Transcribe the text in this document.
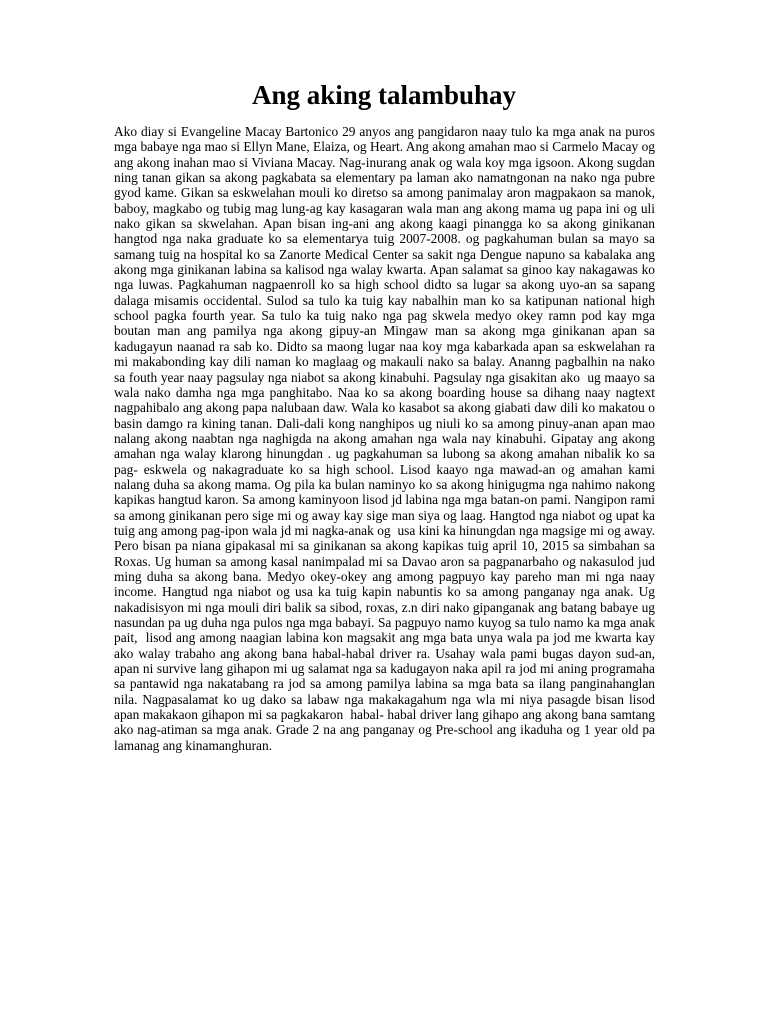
Ang aking talambuhay

Ako diay si Evangeline Macay Bartonico 29 anyos ang pangidaron naay tulo ka mga anak na puros mga babaye nga mao si Ellyn Mane, Elaiza, og Heart. Ang akong amahan mao si Carmelo Macay og ang akong inahan mao si Viviana Macay. Nag-inurang anak og wala koy mga igsoon. Akong sugdan ning tanan gikan sa akong pagkabata sa elementary pa laman ako namatngonan na nako nga pubre gyod kame. Gikan sa eskwelahan mouli ko diretso sa among panimalay aron magpakaon sa manok, baboy, magkabo og tubig mag lung-ag kay kasagaran wala man ang akong mama ug papa ini og uli nako gikan sa skwelahan. Apan bisan ing-ani ang akong kaagi pinangga ko sa akong ginikanan hangtod nga naka graduate ko sa elementarya tuig 2007-2008. og pagkahuman bulan sa mayo sa samang tuig na hospital ko sa Zanorte Medical Center sa sakit nga Dengue napuno sa kabalaka ang akong mga ginikanan labina sa kalisod nga walay kwarta. Apan salamat sa ginoo kay nakagawas ko nga luwas. Pagkahuman nagpaenroll ko sa high school didto sa lugar sa akong uyo-an sa sapang dalaga misamis occidental. Sulod sa tulo ka tuig kay nabalhin man ko sa katipunan national high school pagka fourth year. Sa tulo ka tuig nako nga pag skwela medyo okey ramn pod kay mga boutan man ang pamilya nga akong gipuy-an Mingaw man sa akong mga ginikanan apan sa kadugayun naanad ra sab ko. Didto sa maong lugar naa koy mga kabarkada apan sa eskwelahan ra mi makabonding kay dili naman ko maglaag og makauli nako sa balay. Ananng pagbalhin na nako sa fouth year naay pagsulay nga niabot sa akong kinabuhi. Pagsulay nga gisakitan ako  ug maayo sa wala nako damha nga mga panghitabo. Naa ko sa akong boarding house sa dihang naay nagtext nagpahibalo ang akong papa nalubaan daw. Wala ko kasabot sa akong giabati daw dili ko makatou o basin damgo ra kining tanan. Dali-dali kong nanghipos ug niuli ko sa among pinuy-anan apan mao nalang akong naabtan nga naghigda na akong amahan nga wala nay kinabuhi. Gipatay ang akong amahan nga walay klarong hinungdan . ug pagkahuman sa lubong sa akong amahan nibalik ko sa pag- eskwela og nakagraduate ko sa high school. Lisod kaayo nga mawad-an og amahan kami nalang duha sa akong mama. Og pila ka bulan naminyo ko sa akong hinigugma nga nahimo nakong kapikas hangtud karon. Sa among kaminyoon lisod jd labina nga mga batan-on pami. Nangipon rami sa among ginikanan pero sige mi og away kay sige man siya og laag. Hangtod nga niabot og upat ka tuig ang among pag-ipon wala jd mi nagka-anak og  usa kini ka hinungdan nga magsige mi og away. Pero bisan pa niana gipakasal mi sa ginikanan sa akong kapikas tuig april 10, 2015 sa simbahan sa Roxas. Ug human sa among kasal nanimpalad mi sa Davao aron sa pagpanarbaho og nakasulod jud ming duha sa akong bana. Medyo okey-okey ang among pagpuyo kay pareho man mi nga naay income. Hangtud nga niabot og usa ka tuig kapin nabuntis ko sa among panganay nga anak. Ug nakadisisyon mi nga mouli diri balik sa sibod, roxas, z.n diri nako gipanganak ang batang babaye ug nasundan pa ug duha nga pulos nga mga babayi. Sa pagpuyo namo kuyog sa tulo namo ka mga anak pait,  lisod ang among naagian labina kon magsakit ang mga bata unya wala pa jod me kwarta kay ako walay trabaho ang akong bana habal-habal driver ra. Usahay wala pami bugas dayon sud-an, apan ni survive lang gihapon mi ug salamat nga sa kadugayon naka apil ra jod mi aning programaha sa pantawid nga nakatabang ra jod sa among pamilya labina sa mga bata sa ilang panginahanglan nila. Nagpasalamat ko ug dako sa labaw nga makakagahum nga wla mi niya pasagde bisan lisod apan makakaon gihapon mi sa pagkakaron  habal- habal driver lang gihapo ang akong bana samtang ako nag-atiman sa mga anak. Grade 2 na ang panganay og Pre-school ang ikaduha og 1 year old pa lamanag ang kinamanghuran.
